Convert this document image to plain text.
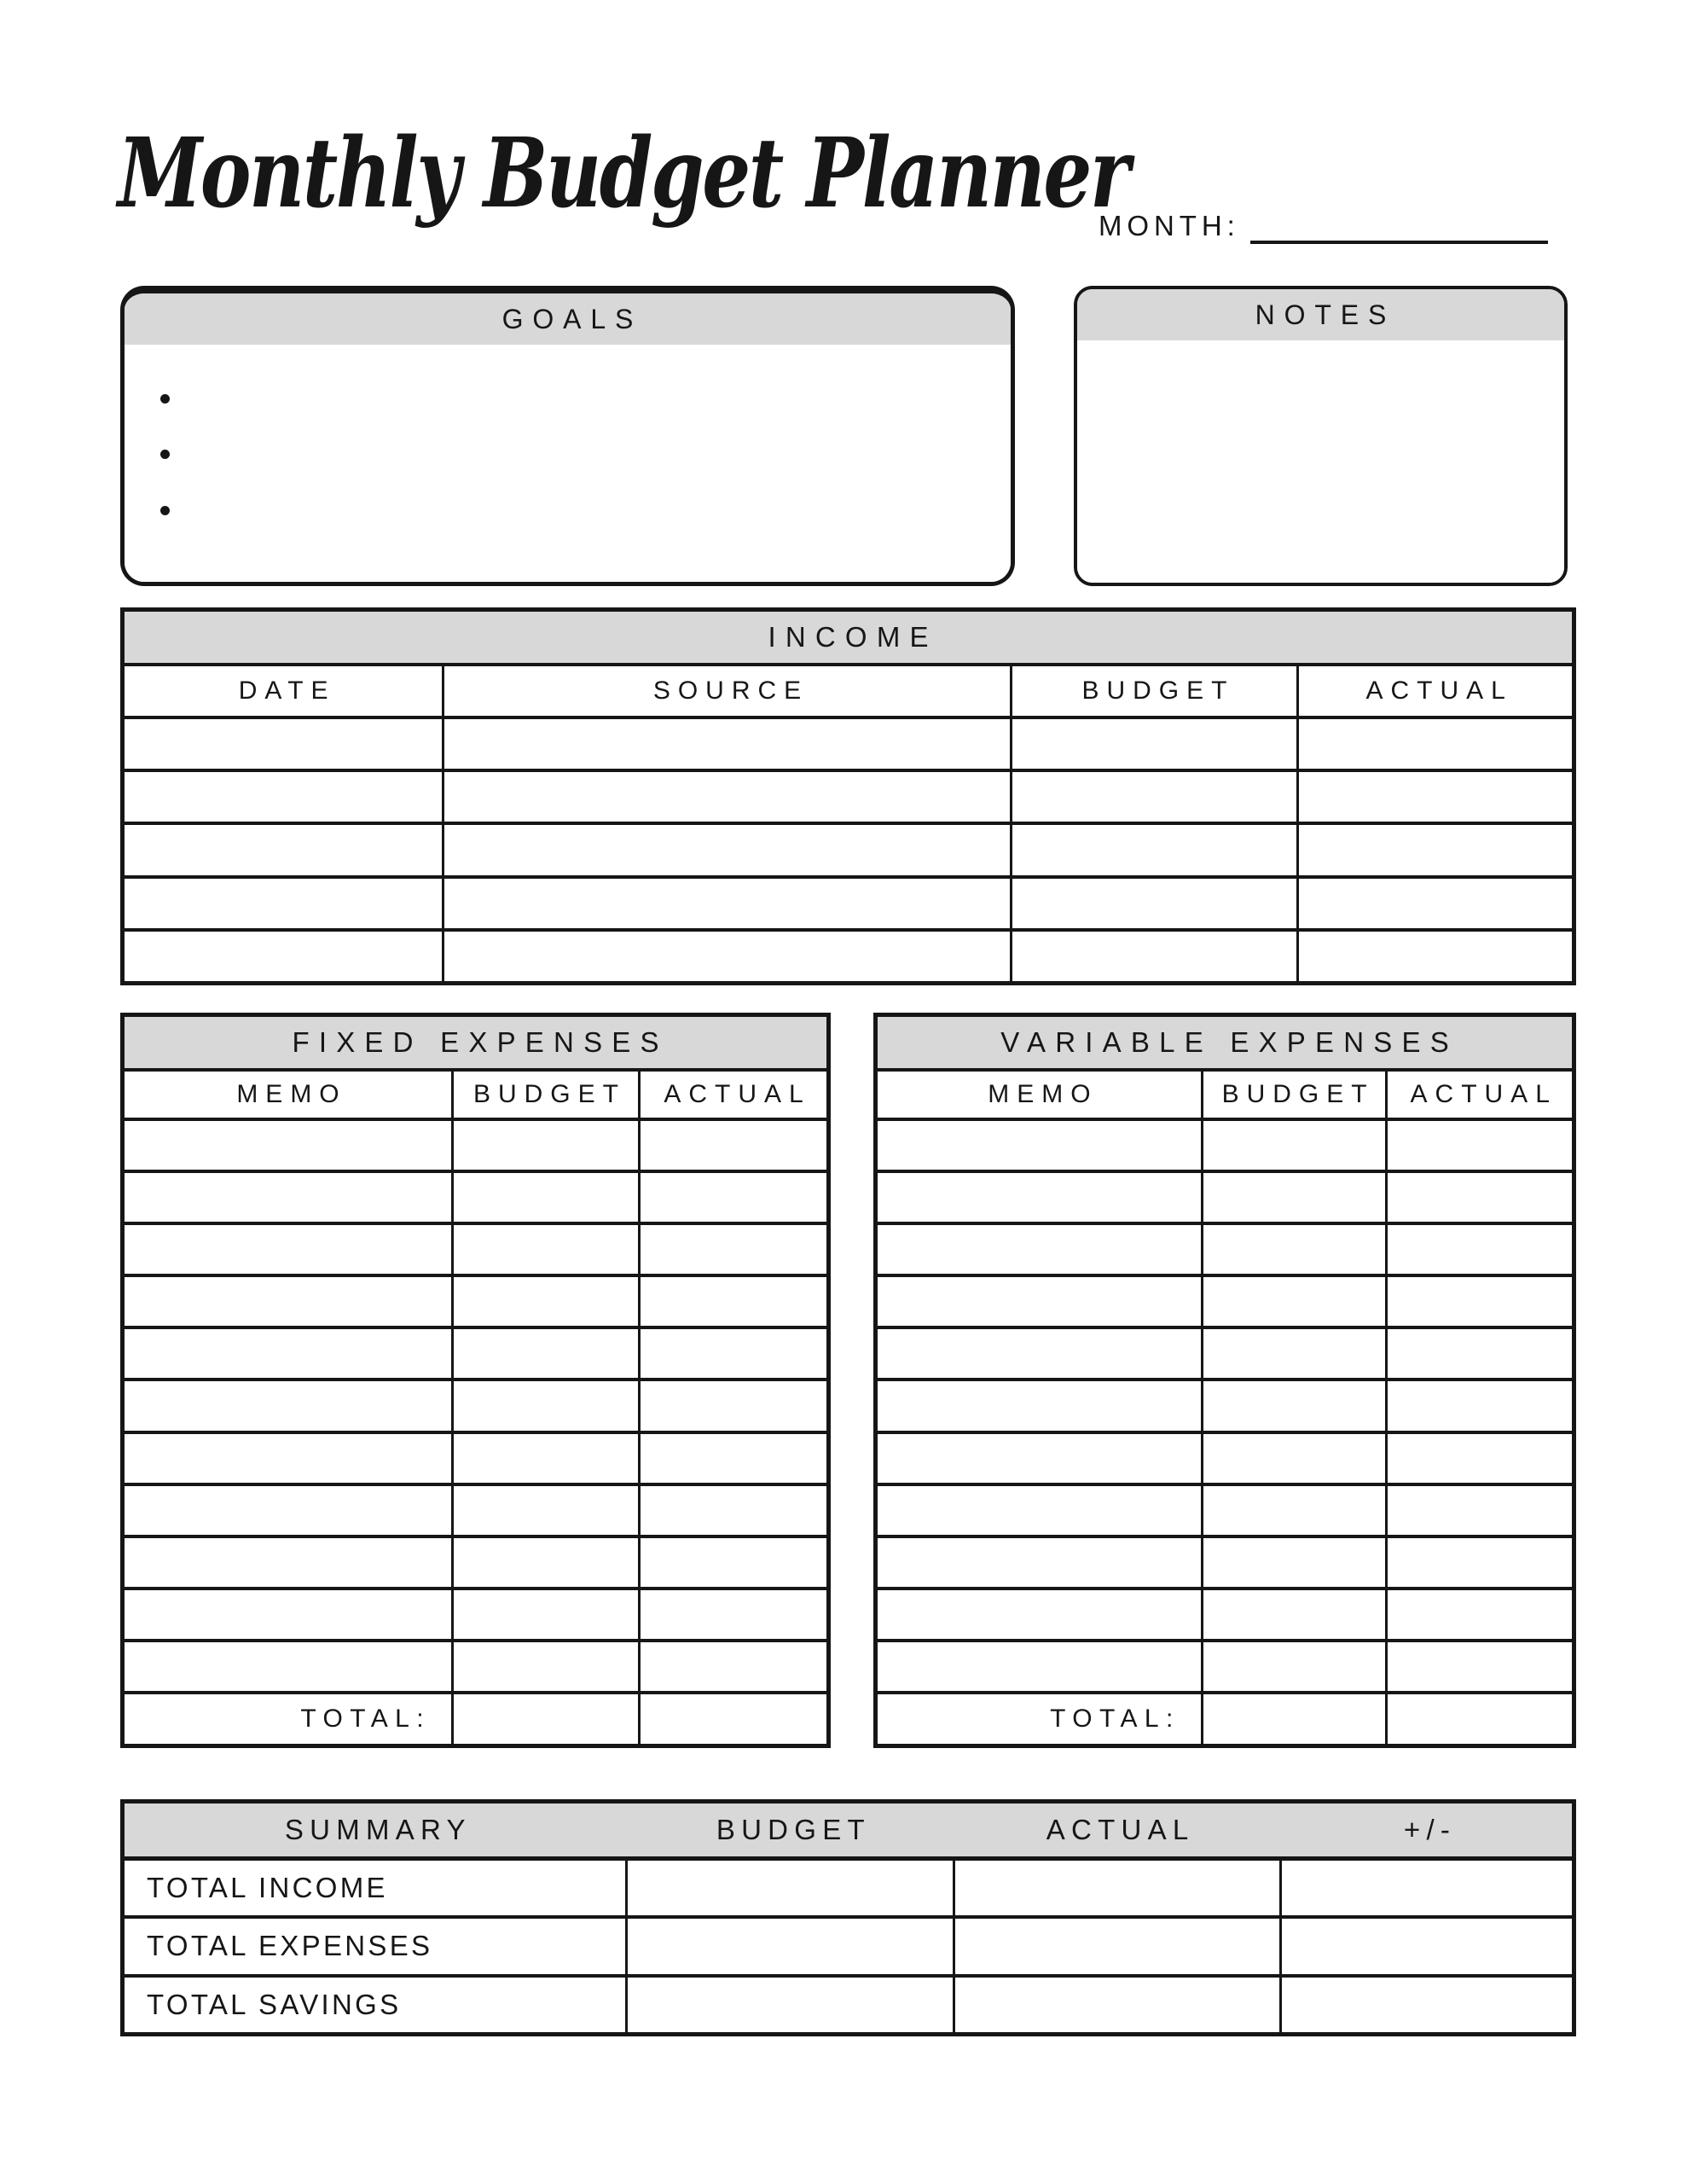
Monthly Budget Planner
MONTH:
GOALS	NOTES
INCOME
DATE	SOURCE	BUDGET	ACTUAL
FIXED EXPENSES
MEMO	BUDGET	ACTUAL
TOTAL:
VARIABLE EXPENSES
MEMO	BUDGET	ACTUAL
TOTAL:
SUMMARY	BUDGET	ACTUAL	+/-
TOTAL INCOME
TOTAL EXPENSES
TOTAL SAVINGS
